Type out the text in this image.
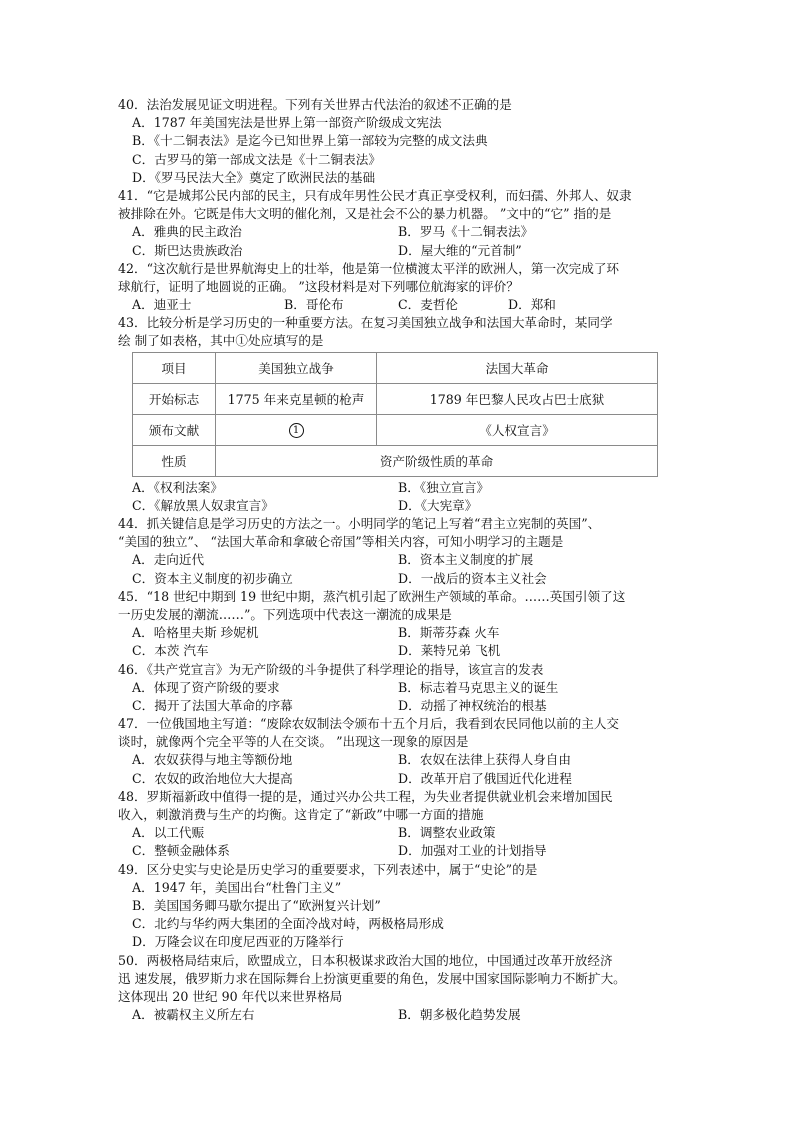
40．法治发展见证文明进程。下列有关世界古代法治的叙述不正确的是
A．1787 年美国宪法是世界上第一部资产阶级成文宪法
B．《十二铜表法》是迄今已知世界上第一部较为完整的成文法典
C．古罗马的第一部成文法是《十二铜表法》
D．《罗马民法大全》奠定了欧洲民法的基础
41．“它是城邦公民内部的民主，只有成年男性公民才真正享受权利，而妇孺、外邦人、奴隶
被排除在外。它既是伟大文明的催化剂，又是社会不公的暴力机器。 ”文中的“它” 指的是
A．雅典的民主政治	B．罗马《十二铜表法》
C．斯巴达贵族政治	D．屋大维的“元首制”
42．“这次航行是世界航海史上的壮举，他是第一位横渡太平洋的欧洲人，第一次完成了环
球航行，证明了地圆说的正确。 ”这段材料是对下列哪位航海家的评价？
A．迪亚士	B．哥伦布	C．麦哲伦	D．郑和
43．比较分析是学习历史的一种重要方法。在复习美国独立战争和法国大革命时，某同学
绘 制了如表格，其中①处应填写的是
项目	美国独立战争	法国大革命
开始标志	1775 年来克星顿的枪声	1789 年巴黎人民攻占巴士底狱
颁布文献	1	《人权宣言》
性质	资产阶级性质的革命	
A．《权利法案》	B．《独立宣言》
C．《解放黑人奴隶宣言》	D．《大宪章》
44．抓关键信息是学习历史的方法之一。小明同学的笔记上写着“君主立宪制的英国”、
“美国的独立”、 “法国大革命和拿破仑帝国”等相关内容，可知小明学习的主题是
A．走向近代	B．资本主义制度的扩展
C．资本主义制度的初步确立	D．一战后的资本主义社会
45．“18 世纪中期到 19 世纪中期，蒸汽机引起了欧洲生产领域的革命。……英国引领了这
一历史发展的潮流……”。下列选项中代表这一潮流的成果是
A．哈格里夫斯 珍妮机	B．斯蒂芬森 火车
C．本茨 汽车	D．莱特兄弟 飞机
46．《共产党宣言》为无产阶级的斗争提供了科学理论的指导，该宣言的发表
A．体现了资产阶级的要求	B．标志着马克思主义的诞生
C．揭开了法国大革命的序幕	D．动摇了神权统治的根基
47．一位俄国地主写道：“废除农奴制法令颁布十五个月后，我看到农民同他以前的主人交
谈时，就像两个完全平等的人在交谈。 ”出现这一现象的原因是
A．农奴获得与地主等额份地	B．农奴在法律上获得人身自由
C．农奴的政治地位大大提高	D．改革开启了俄国近代化进程
48．罗斯福新政中值得一提的是，通过兴办公共工程，为失业者提供就业机会来增加国民
收入，刺激消费与生产的均衡。这肯定了“新政”中哪一方面的措施
A．以工代赈	B．调整农业政策
C．整顿金融体系	D．加强对工业的计划指导
49．区分史实与史论是历史学习的重要要求，下列表述中，属于“史论”的是
A．1947 年，美国出台“杜鲁门主义”
B．美国国务卿马歇尔提出了“欧洲复兴计划”
C．北约与华约两大集团的全面冷战对峙，两极格局形成
D．万隆会议在印度尼西亚的万隆举行
50．两极格局结束后，欧盟成立，日本积极谋求政治大国的地位，中国通过改革开放经济
迅 速发展，俄罗斯力求在国际舞台上扮演更重要的角色，发展中国家国际影响力不断扩大。
这体现出 20 世纪 90 年代以来世界格局
A．被霸权主义所左右	B．朝多极化趋势发展
